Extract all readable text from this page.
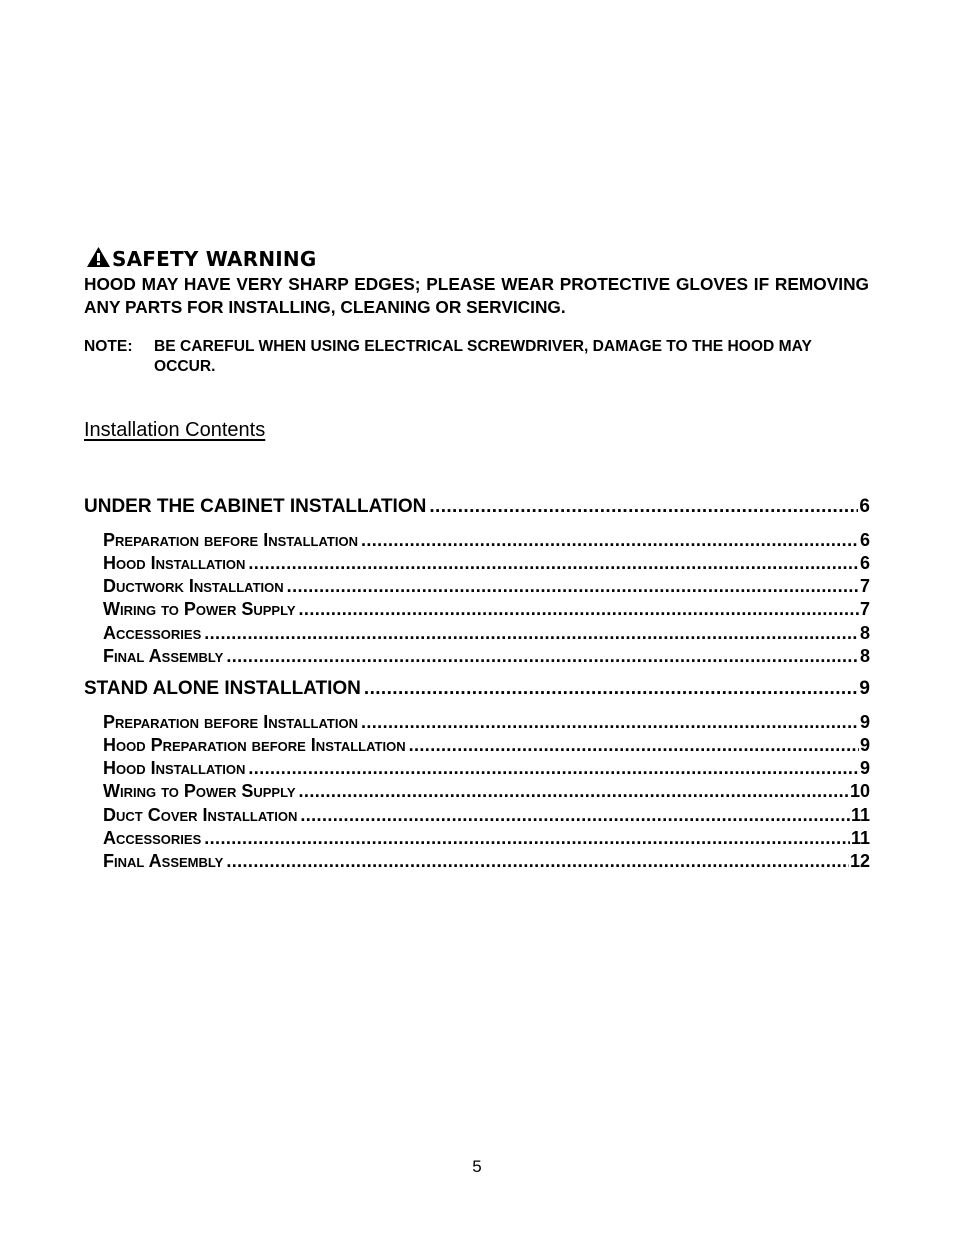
SAFETY WARNING
HOOD MAY HAVE VERY SHARP EDGES; PLEASE WEAR PROTECTIVE GLOVES IF REMOVING ANY PARTS FOR INSTALLING, CLEANING OR SERVICING.
NOTE: BE CAREFUL WHEN USING ELECTRICAL SCREWDRIVER, DAMAGE TO THE HOOD MAY OCCUR.
Installation Contents
UNDER THE CABINET INSTALLATION .....	6
Preparation before Installation .....	6
Hood Installation .....	6
Ductwork Installation .....	7
Wiring to Power Supply .....	7
Accessories .....	8
Final Assembly .....	8
STAND ALONE INSTALLATION .....	9
Preparation before Installation .....	9
Hood Preparation before Installation .....	9
Hood Installation .....	9
Wiring to Power Supply .....	10
Duct Cover Installation .....	11
Accessories .....	11
Final Assembly .....	12
5
